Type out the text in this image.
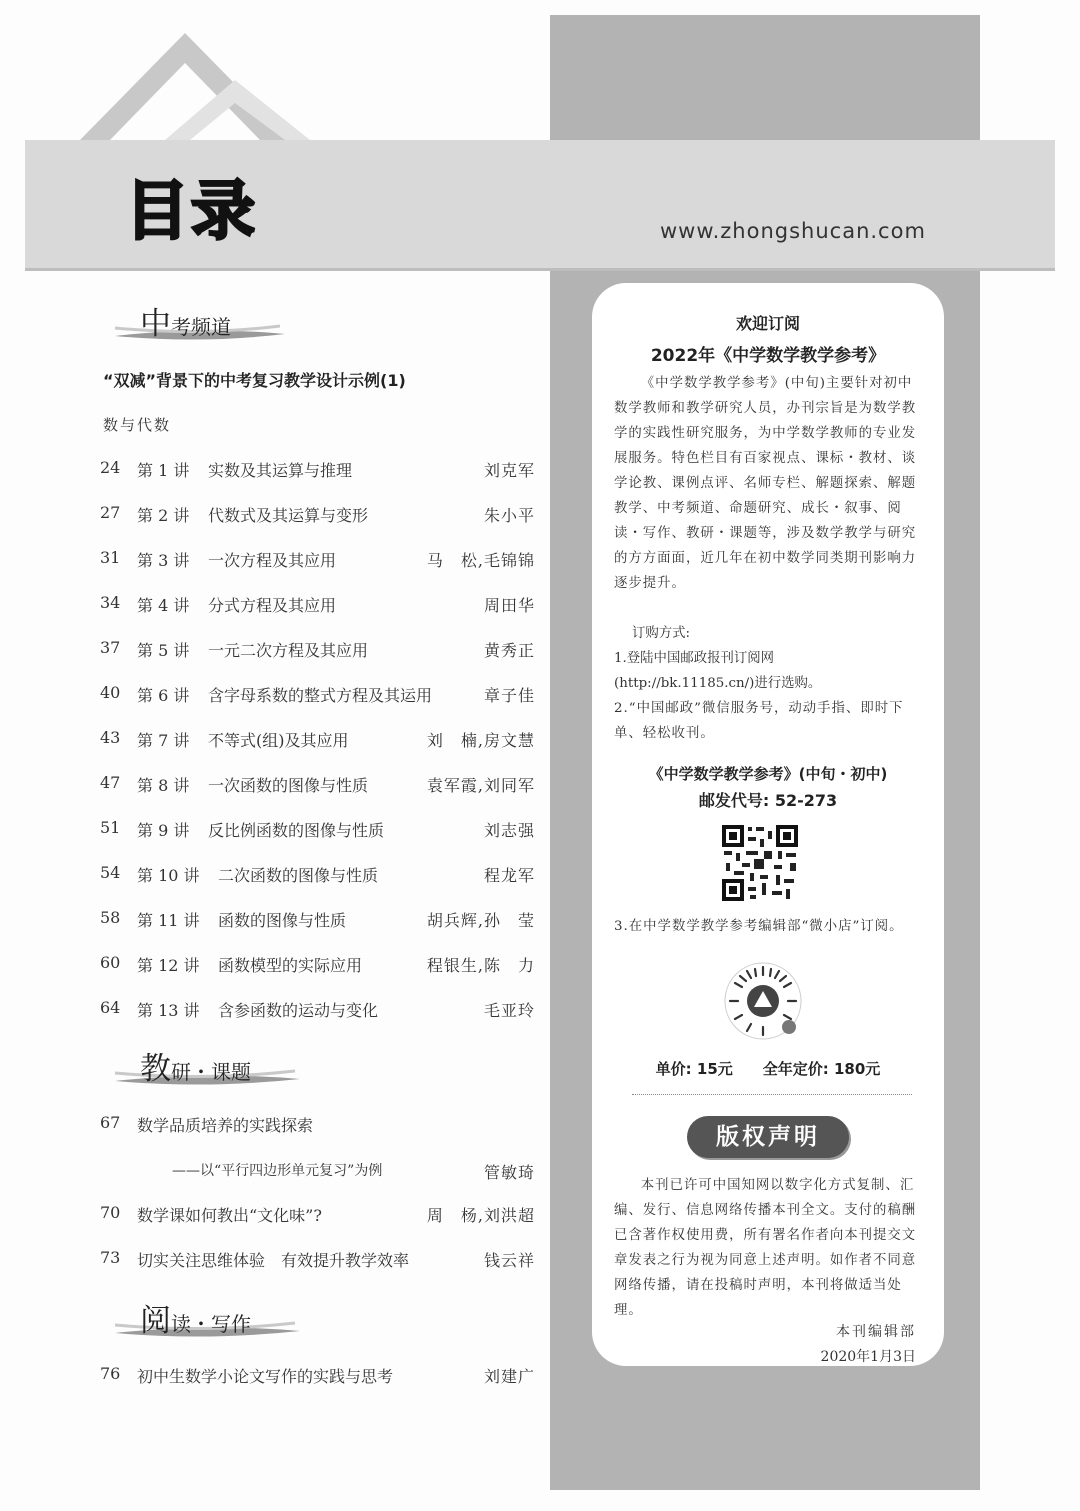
目录	www.zhongshucan.com
中考频道
“双减”背景下的中考复习教学设计示例(1)
数与代数
24	第 1 讲 实数及其运算与推理	刘克军
27	第 2 讲 代数式及其运算与变形	朱小平
31	第 3 讲 一次方程及其应用	马　松,毛锦锦
34	第 4 讲 分式方程及其应用	周田华
37	第 5 讲 一元二次方程及其应用	黄秀正
40	第 6 讲 含字母系数的整式方程及其运用	章子佳
43	第 7 讲 不等式(组)及其应用	刘　楠,房文慧
47	第 8 讲 一次函数的图像与性质	袁军霞,刘同军
51	第 9 讲 反比例函数的图像与性质	刘志强
54	第 10 讲 二次函数的图像与性质	程龙军
58	第 11 讲 函数的图像与性质	胡兵辉,孙　莹
60	第 12 讲 函数模型的实际应用	程银生,陈　力
64	第 13 讲 含参函数的运动与变化	毛亚玲
教研・课题
67	数学品质培养的实践探索
——以“平行四边形单元复习”为例	管敏琦
70	数学课如何教出“文化味”?	周　杨,刘洪超
73	切实关注思维体验　有效提升教学效率	钱云祥
阅读・写作
76	初中生数学小论文写作的实践与思考	刘建广
欢迎订阅
2022年《中学数学教学参考》
《中学数学教学参考》(中旬)主要针对初中数学教师和教学研究人员，办刊宗旨是为数学教学的实践性研究服务，为中学数学教师的专业发展服务。特色栏目有百家视点、课标・教材、谈学论教、课例点评、名师专栏、解题探索、解题教学、中考频道、命题研究、成长・叙事、阅读・写作、教研・课题等，涉及数学教学与研究的方方面面，近几年在初中数学同类期刊影响力逐步提升。
订购方式:
1.登陆中国邮政报刊订阅网
(http://bk.11185.cn/)进行选购。
2.“中国邮政”微信服务号，动动手指、即时下单、轻松收刊。
《中学数学教学参考》(中旬・初中)
邮发代号: 52-273
3.在中学数学教学参考编辑部“微小店”订阅。
单价: 15元　　全年定价: 180元
版权声明
本刊已许可中国知网以数字化方式复制、汇编、发行、信息网络传播本刊全文。支付的稿酬已含著作权使用费，所有署名作者向本刊提交文章发表之行为视为同意上述声明。如作者不同意网络传播，请在投稿时声明，本刊将做适当处理。
本刊编辑部
2020年1月3日
